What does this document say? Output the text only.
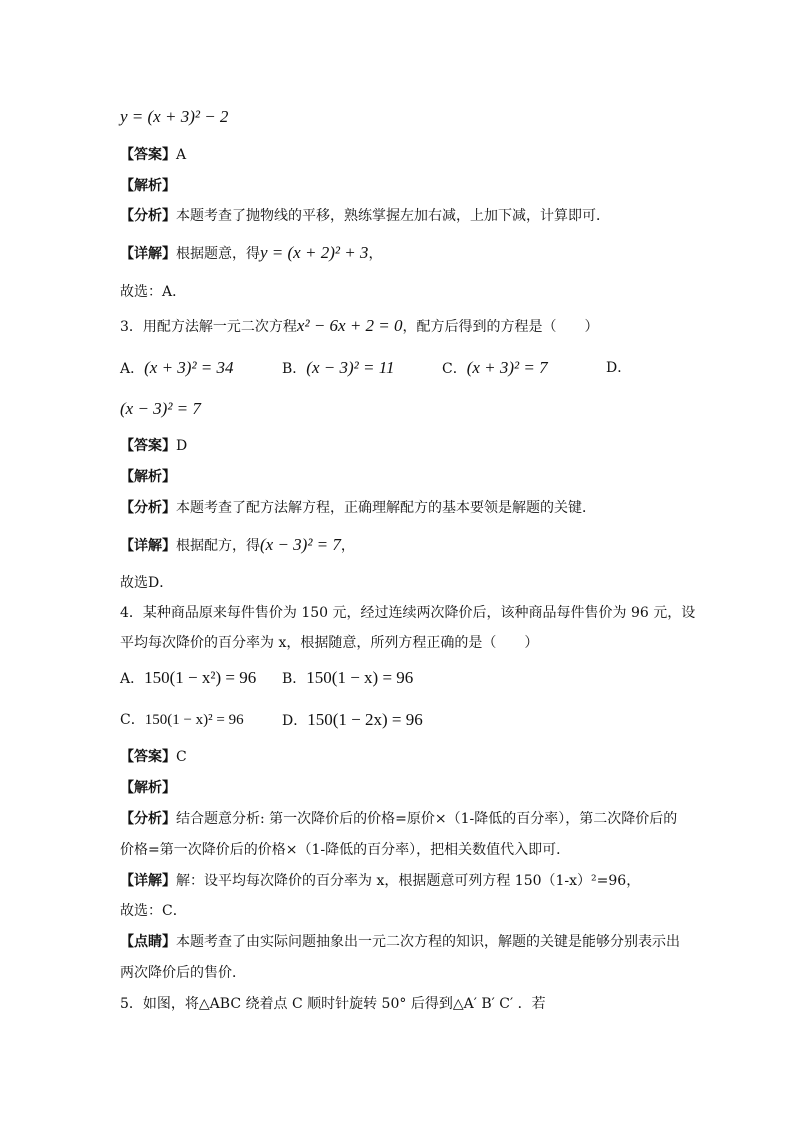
y = (x + 3)² − 2
【答案】A
【解析】
【分析】本题考查了抛物线的平移，熟练掌握左加右减，上加下减，计算即可．
【详解】根据题意，得y = (x + 2)² + 3，
故选：A．
3．用配方法解一元二次方程x² − 6x + 2 = 0，配方后得到的方程是（　　）
A．(x + 3)² = 34	B．(x − 3)² = 11	C．(x + 3)² = 7	D．
(x − 3)² = 7
【答案】D
【解析】
【分析】本题考查了配方法解方程，正确理解配方的基本要领是解题的关键．
【详解】根据配方，得(x − 3)² = 7，
故选D．
4．某种商品原来每件售价为 150 元，经过连续两次降价后，该种商品每件售价为 96 元，设
平均每次降价的百分率为 x，根据随意，所列方程正确的是（　　）
A．150(1 − x²) = 96 B．150(1 − x) = 96
C．150(1 − x)² = 96	D．150(1 − 2x) = 96
【答案】C
【解析】
【分析】结合题意分析: 第一次降价后的价格=原价×（1-降低的百分率），第二次降价后的
价格=第一次降价后的价格×（1-降低的百分率），把相关数值代入即可．
【详解】解：设平均每次降价的百分率为 x，根据题意可列方程 150（1-x）²=96，
故选：C．
【点睛】本题考查了由实际问题抽象出一元二次方程的知识，解题的关键是能够分别表示出
两次降价后的售价．
5．如图，将△ABC 绕着点 C 顺时针旋转 50° 后得到△A′ B′ C′ ．若
